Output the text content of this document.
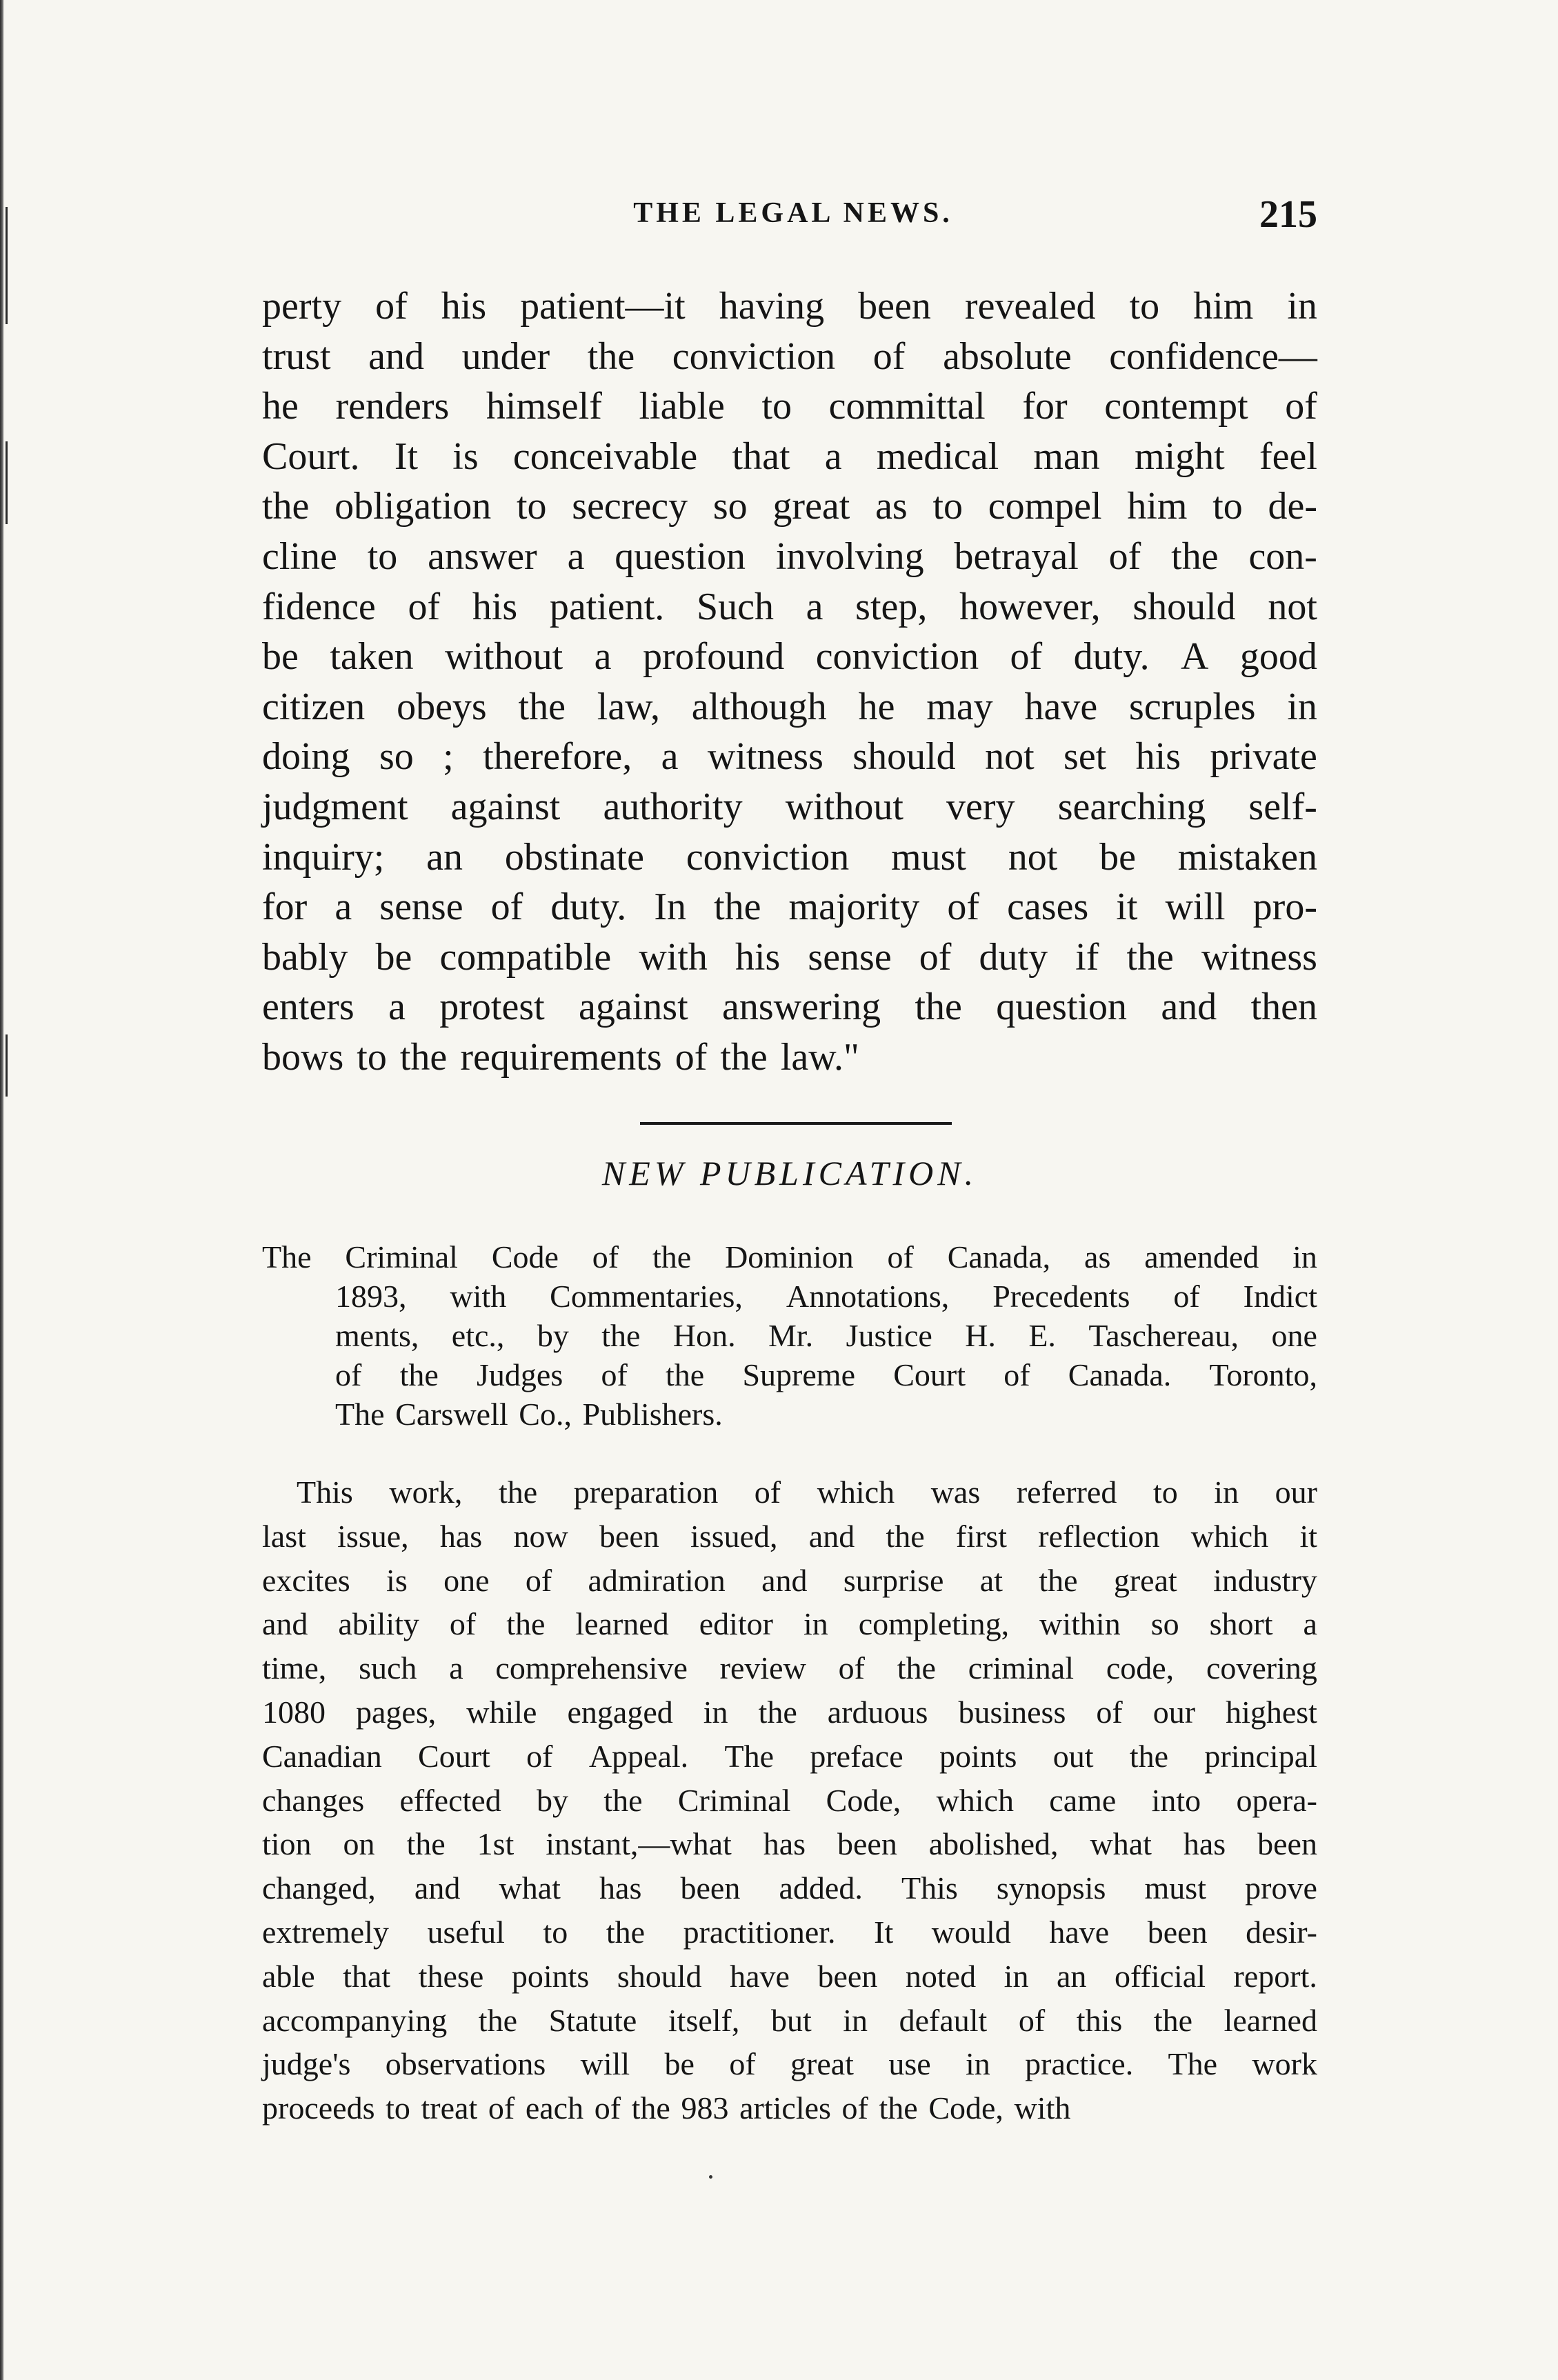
THE LEGAL NEWS.	215
perty of his patient—it having been revealed to him in
trust and under the conviction of absolute confidence—
he renders himself liable to committal for contempt of
Court. It is conceivable that a medical man might feel
the obligation to secrecy so great as to compel him to de-
cline to answer a question involving betrayal of the con-
fidence of his patient. Such a step, however, should not
be taken without a profound conviction of duty. A good
citizen obeys the law, although he may have scruples in
doing so ; therefore, a witness should not set his private
judgment against authority without very searching self-
inquiry; an obstinate conviction must not be mistaken
for a sense of duty. In the majority of cases it will pro-
bably be compatible with his sense of duty if the witness
enters a protest against answering the question and then
bows to the requirements of the law."
NEW PUBLICATION.
The Criminal Code of the Dominion of Canada, as amended in
1893, with Commentaries, Annotations, Precedents of Indict
ments, etc., by the Hon. Mr. Justice H. E. Taschereau, one
of the Judges of the Supreme Court of Canada. Toronto,
The Carswell Co., Publishers.
This work, the preparation of which was referred to in our
last issue, has now been issued, and the first reflection which it
excites is one of admiration and surprise at the great industry
and ability of the learned editor in completing, within so short a
time, such a comprehensive review of the criminal code, covering
1080 pages, while engaged in the arduous business of our highest
Canadian Court of Appeal. The preface points out the principal
changes effected by the Criminal Code, which came into opera-
tion on the 1st instant,—what has been abolished, what has been
changed, and what has been added. This synopsis must prove
extremely useful to the practitioner. It would have been desir-
able that these points should have been noted in an official report.
accompanying the Statute itself, but in default of this the learned
judge's observations will be of great use in practice. The work
proceeds to treat of each of the 983 articles of the Code, with
